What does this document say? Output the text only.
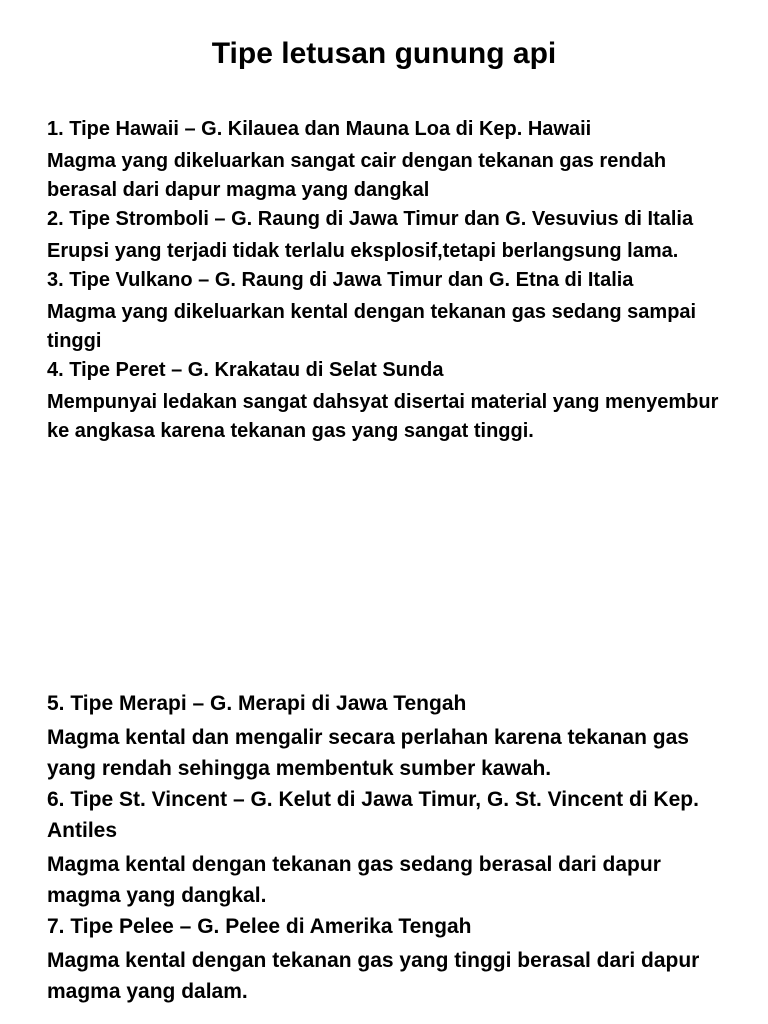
Tipe letusan gunung api
1. Tipe Hawaii – G. Kilauea dan Mauna Loa di Kep. Hawaii
Magma yang dikeluarkan sangat cair dengan tekanan gas rendah berasal dari dapur magma yang dangkal
2. Tipe Stromboli – G. Raung di Jawa Timur dan G. Vesuvius di Italia
Erupsi yang terjadi tidak terlalu eksplosif,tetapi berlangsung lama.
3. Tipe Vulkano – G. Raung di Jawa Timur dan G. Etna di Italia
Magma yang dikeluarkan kental dengan tekanan gas sedang sampai tinggi
4. Tipe Peret – G. Krakatau di Selat Sunda
Mempunyai ledakan sangat dahsyat disertai material yang menyembur ke angkasa karena tekanan gas yang sangat tinggi.
5. Tipe Merapi – G. Merapi di Jawa Tengah
Magma kental dan mengalir secara perlahan karena tekanan gas yang rendah sehingga membentuk sumber kawah.
6. Tipe St. Vincent – G. Kelut di Jawa Timur, G. St. Vincent di Kep. Antiles
Magma kental dengan tekanan gas sedang berasal dari dapur magma yang dangkal.
7. Tipe Pelee – G. Pelee di Amerika Tengah
Magma kental dengan tekanan gas yang tinggi berasal dari dapur magma yang dalam.
